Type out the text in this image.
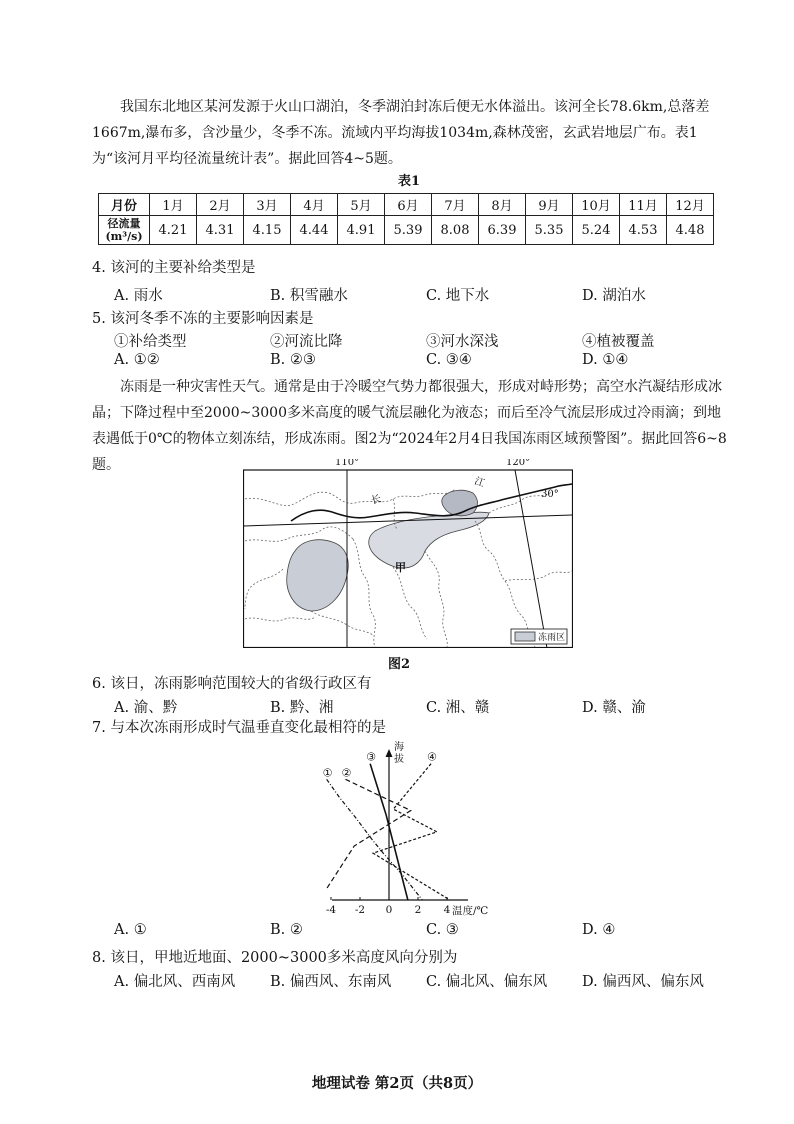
我国东北地区某河发源于火山口湖泊，冬季湖泊封冻后便无水体溢出。该河全长78.6km,总落差1667m,瀑布多，含沙量少，冬季不冻。流域内平均海拔1034m,森林茂密，玄武岩地层广布。表1为“该河月平均径流量统计表”。据此回答4~5题。

表1
月份	1月	2月	3月	4月	5月	6月	7月	8月	9月	10月	11月	12月

径流量
(m³/s)	4.21	4.31	4.15	4.44	4.91	5.39	8.08	6.39	5.35	5.24	4.53	4.48
4. 该河的主要补给类型是
A. 雨水	B. 积雪融水	C. 地下水	D. 湖泊水
5. 该河冬季不冻的主要影响因素是
①补给类型	②河流比降	③河水深浅	④植被覆盖
A. ①②	B. ②③	C. ③④	D. ①④

冻雨是一种灾害性天气。通常是由于冷暖空气势力都很强大，形成对峙形势；高空水汽凝结形成冰晶；下降过程中至2000~3000多米高度的暖气流层融化为液态；而后至冷气流层形成过冷雨滴；到地表遇低于0℃的物体立刻冻结，形成冻雨。图2为“2024年2月4日我国冻雨区域预警图”。据此回答6~8题。	110°	120°
30°
长
江
甲
冻雨区
图2
6. 该日，冻雨影响范围较大的省级行政区有
A. 渝、黔	B. 黔、湘	C. 湘、赣	D. 赣、渝
7. 与本次冻雨形成时气温垂直变化最相符的是
① ②
③	④
-4 -2 0 2 4
海 拔
温度/℃
A. ①	B. ②	C. ③	D. ④
8. 该日，甲地近地面、2000~3000多米高度风向分别为
A. 偏北风、西南风 B. 偏西风、东南风 C. 偏北风、偏东风 D. 偏西风、偏东风
地理试卷 第2页（共8页）
